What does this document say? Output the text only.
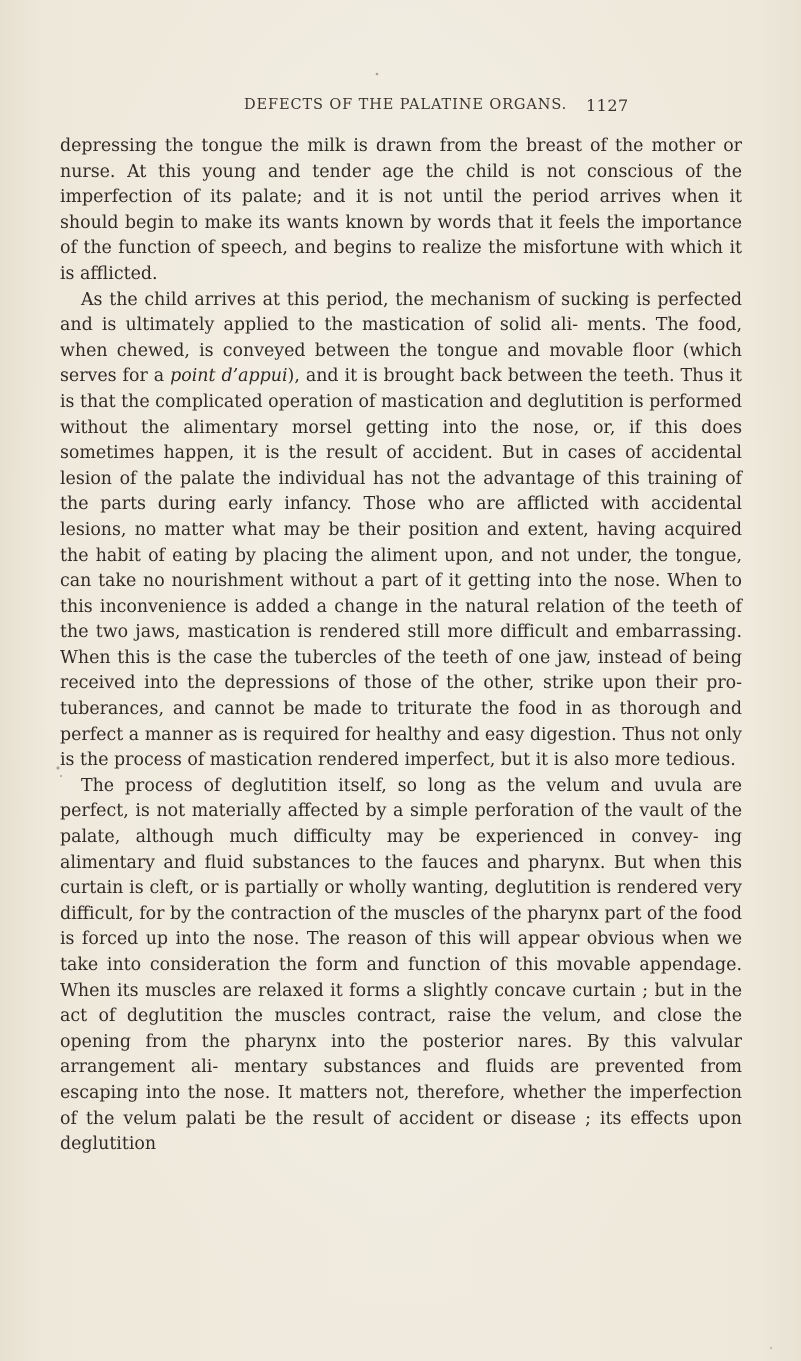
DEFECTS OF THE PALATINE ORGANS. 1127

depressing the tongue the milk is drawn from the breast of the mother or nurse. At this young and tender age the child is not conscious of the imperfection of its palate; and it is not until the period arrives when it should begin to make its wants known by words that it feels the importance of the function of speech, and begins to realize the misfortune with which it is afflicted.

As the child arrives at this period, the mechanism of sucking is perfected and is ultimately applied to the mastication of solid ali- ments. The food, when chewed, is conveyed between the tongue and movable floor (which serves for a point d’appui), and it is brought back between the teeth. Thus it is that the complicated operation of mastication and deglutition is performed without the alimentary morsel getting into the nose, or, if this does sometimes happen, it is the result of accident. But in cases of accidental lesion of the palate the individual has not the advantage of this training of the parts during early infancy. Those who are afflicted with accidental lesions, no matter what may be their position and extent, having acquired the habit of eating by placing the aliment upon, and not under, the tongue, can take no nourishment without a part of it getting into the nose. When to this inconvenience is added a change in the natural relation of the teeth of the two jaws, mastication is rendered still more difficult and embarrassing. When this is the case the tubercles of the teeth of one jaw, instead of being received into the depressions of those of the other, strike upon their pro- tuberances, and cannot be made to triturate the food in as thorough and perfect a manner as is required for healthy and easy digestion. Thus not only is the process of mastication rendered imperfect, but it is also more tedious.

The process of deglutition itself, so long as the velum and uvula are perfect, is not materially affected by a simple perforation of the vault of the palate, although much difficulty may be experienced in convey- ing alimentary and fluid substances to the fauces and pharynx. But when this curtain is cleft, or is partially or wholly wanting, deglutition is rendered very difficult, for by the contraction of the muscles of the pharynx part of the food is forced up into the nose. The reason of this will appear obvious when we take into consideration the form and function of this movable appendage. When its muscles are relaxed it forms a slightly concave curtain ; but in the act of deglutition the muscles contract, raise the velum, and close the opening from the pharynx into the posterior nares. By this valvular arrangement ali- mentary substances and fluids are prevented from escaping into the nose. It matters not, therefore, whether the imperfection of the velum palati be the result of accident or disease ; its effects upon deglutition
